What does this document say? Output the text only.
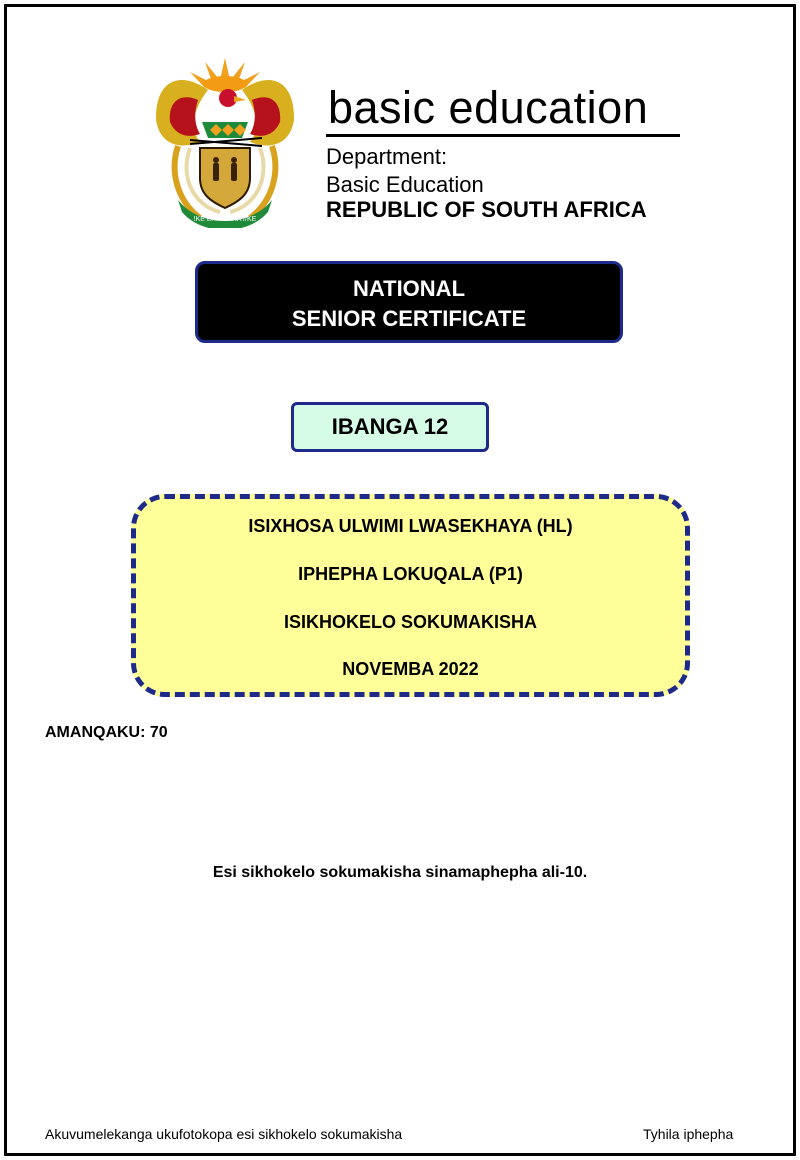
!KE E: /XARRA //KE
basic education
Department:
Basic Education
REPUBLIC OF SOUTH AFRICA
NATIONAL
SENIOR CERTIFICATE
IBANGA 12
ISIXHOSA ULWIMI LWASEKHAYA (HL)
IPHEPHA LOKUQALA (P1)
ISIKHOKELO SOKUMAKISHA
NOVEMBA 2022
AMANQAKU: 70
Esi sikhokelo sokumakisha sinamaphepha ali-10.
Akuvumelekanga ukufotokopa esi sikhokelo sokumakisha	Tyhila iphepha
